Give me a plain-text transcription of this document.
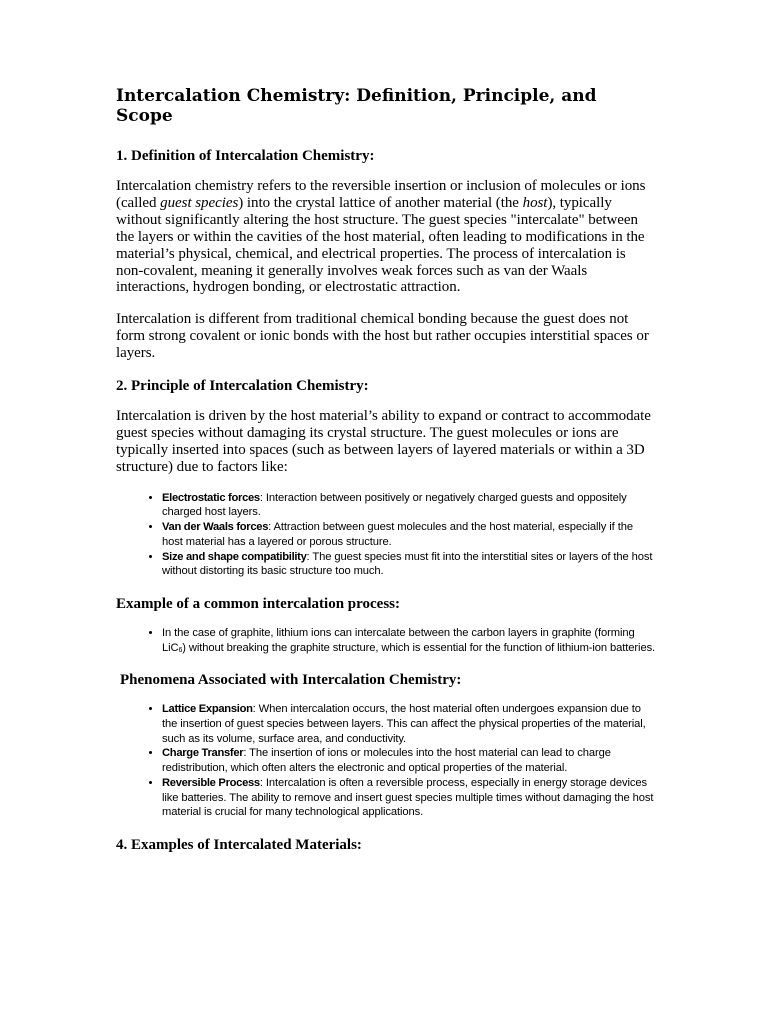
Intercalation Chemistry: Definition, Principle, and Scope
1. Definition of Intercalation Chemistry:

Intercalation chemistry refers to the reversible insertion or inclusion of molecules or ions (called guest species) into the crystal lattice of another material (the host), typically without significantly altering the host structure. The guest species "intercalate" between the layers or within the cavities of the host material, often leading to modifications in the material’s physical, chemical, and electrical properties. The process of intercalation is non-covalent, meaning it generally involves weak forces such as van der Waals interactions, hydrogen bonding, or electrostatic attraction.

Intercalation is different from traditional chemical bonding because the guest does not form strong covalent or ionic bonds with the host but rather occupies interstitial spaces or layers.

2. Principle of Intercalation Chemistry:

Intercalation is driven by the host material’s ability to expand or contract to accommodate guest species without damaging its crystal structure. The guest molecules or ions are typically inserted into spaces (such as between layers of layered materials or within a 3D structure) due to factors like:

• Electrostatic forces: Interaction between positively or negatively charged guests and oppositely charged host layers.
• Van der Waals forces: Attraction between guest molecules and the host material, especially if the host material has a layered or porous structure.
• Size and shape compatibility: The guest species must fit into the interstitial sites or layers of the host without distorting its basic structure too much.
Example of a common intercalation process:
• In the case of graphite, lithium ions can intercalate between the carbon layers in graphite (forming LiC$_6$) without breaking the graphite structure, which is essential for the function of lithium-ion batteries.
Phenomena Associated with Intercalation Chemistry:
• Lattice Expansion: When intercalation occurs, the host material often undergoes expansion due to the insertion of guest species between layers. This can affect the physical properties of the material, such as its volume, surface area, and conductivity.
• Charge Transfer: The insertion of ions or molecules into the host material can lead to charge redistribution, which often alters the electronic and optical properties of the material.
• Reversible Process: Intercalation is often a reversible process, especially in energy storage devices like batteries. The ability to remove and insert guest species multiple times without damaging the host material is crucial for many technological applications.
4. Examples of Intercalated Materials:
